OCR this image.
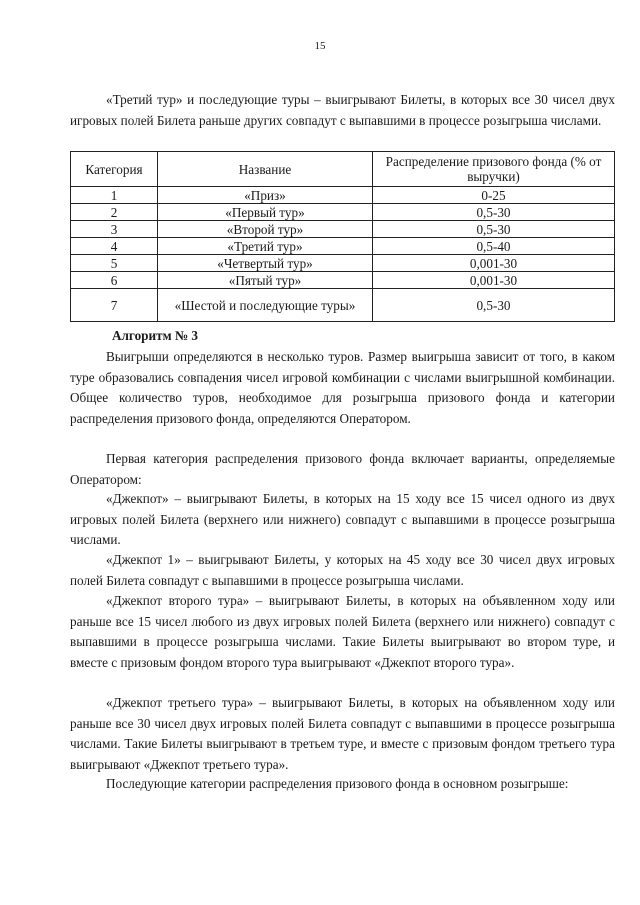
15
«Третий тур» и последующие туры – выигрывают Билеты, в которых все 30 чисел двух игровых полей Билета раньше других совпадут с выпавшими в процессе розыгрыша числами.
Категория	Название	Распределение призового фонда (% от выручки)
1	«Приз»	0-25
2	«Первый тур»	0,5-30
3	«Второй тур»	0,5-30
4	«Третий тур»	0,5-40
5	«Четвертый тур»	0,001-30
6	«Пятый тур»	0,001-30
7	«Шестой и последующие туры»	0,5-30
Алгоритм № 3
Выигрыши определяются в несколько туров. Размер выигрыша зависит от того, в каком туре образовались совпадения чисел игровой комбинации с числами выигрышной комбинации. Общее количество туров, необходимое для розыгрыша призового фонда и категории распределения призового фонда, определяются Оператором.
Первая категория распределения призового фонда включает варианты, определяемые Оператором:
«Джекпот» – выигрывают Билеты, в которых на 15 ходу все 15 чисел одного из двух игровых полей Билета (верхнего или нижнего) совпадут с выпавшими в процессе розыгрыша числами.
«Джекпот 1» – выигрывают Билеты, у которых на 45 ходу все 30 чисел двух игровых полей Билета совпадут с выпавшими в процессе розыгрыша числами.
«Джекпот второго тура» – выигрывают Билеты, в которых на объявленном ходу или раньше все 15 чисел любого из двух игровых полей Билета (верхнего или нижнего) совпадут с выпавшими в процессе розыгрыша числами. Такие Билеты выигрывают во втором туре, и вместе с призовым фондом второго тура выигрывают «Джекпот второго тура».
«Джекпот третьего тура» – выигрывают Билеты, в которых на объявленном ходу или раньше все 30 чисел двух игровых полей Билета совпадут с выпавшими в процессе розыгрыша числами. Такие Билеты выигрывают в третьем туре, и вместе с призовым фондом третьего тура выигрывают «Джекпот третьего тура».
Последующие категории распределения призового фонда в основном розыгрыше:
